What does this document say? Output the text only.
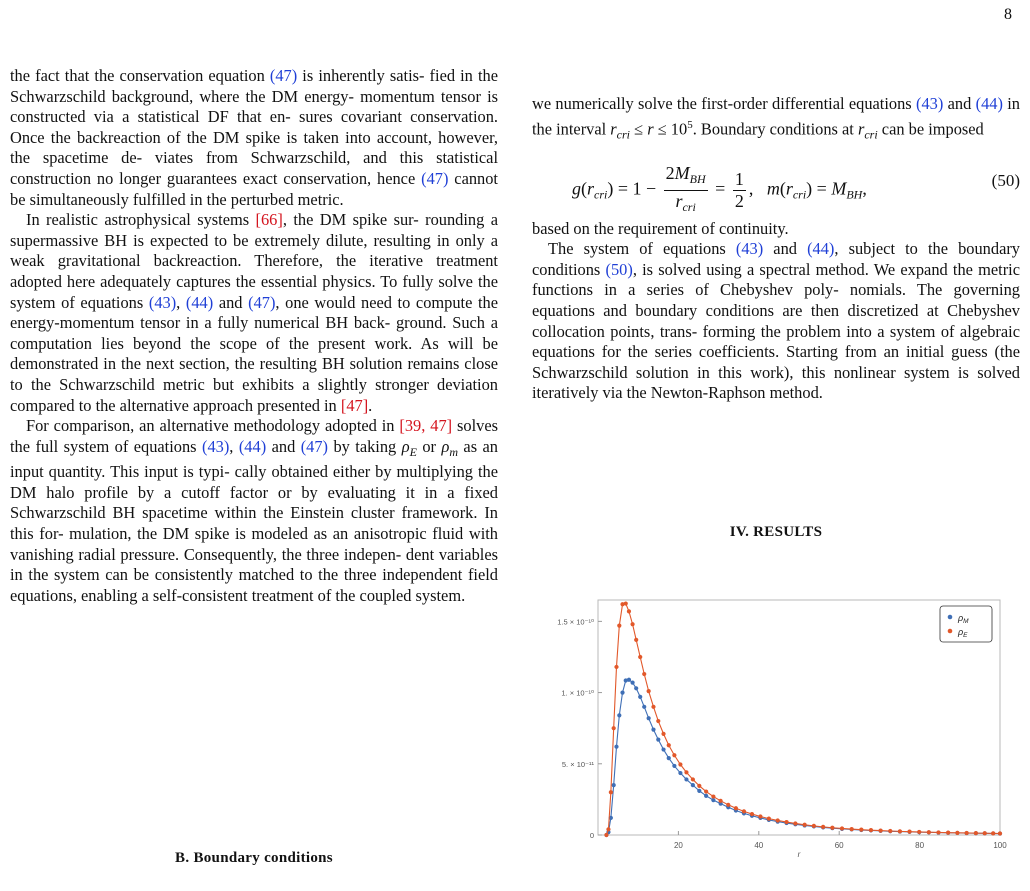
8

the fact that the conservation equation (47) is inherently satis- fied in the Schwarzschild background, where the DM energy- momentum tensor is constructed via a statistical DF that en- sures covariant conservation. Once the backreaction of the DM spike is taken into account, however, the spacetime de- viates from Schwarzschild, and this statistical construction no longer guarantees exact conservation, hence (47) cannot be simultaneously fulfilled in the perturbed metric.

In realistic astrophysical systems [66], the DM spike sur- rounding a supermassive BH is expected to be extremely dilute, resulting in only a weak gravitational backreaction. Therefore, the iterative treatment adopted here adequately captures the essential physics. To fully solve the system of equations (43), (44) and (47), one would need to compute the energy-momentum tensor in a fully numerical BH back- ground. Such a computation lies beyond the scope of the present work. As will be demonstrated in the next section, the resulting BH solution remains close to the Schwarzschild metric but exhibits a slightly stronger deviation compared to the alternative approach presented in [47].

For comparison, an alternative methodology adopted in [39, 47] solves the full system of equations (43), (44) and (47) by taking $\rho_E$ or $\rho_m$ as an input quantity. This input is typi- cally obtained either by multiplying the DM halo profile by a cutoff factor or by evaluating it in a fixed Schwarzschild BH spacetime within the Einstein cluster framework. In this for- mulation, the DM spike is modeled as an anisotropic fluid with vanishing radial pressure. Consequently, the three indepen- dent variables in the system can be consistently matched to the three independent field equations, enabling a self-consistent treatment of the coupled system.

B. Boundary conditions

we numerically solve the first-order differential equations (43) and (44) in the interval $r_{cri} \le r \le 10^5$. Boundary conditions at $r_{cri}$ can be imposed

$g(r_{cri}) = 1 - \frac{2M_{BH}}{r_{cri}} = \frac{1}{2}$ ,   $m(r_{cri}) = M_{BH}$,	(50)

based on the requirement of continuity.

The system of equations (43) and (44), subject to the boundary conditions (50), is solved using a spectral method. We expand the metric functions in a series of Chebyshev poly- nomials. The governing equations and boundary conditions are then discretized at Chebyshev collocation points, trans- forming the problem into a system of algebraic equations for the series coefficients. Starting from an initial guess (the Schwarzschild solution in this work), this nonlinear system is solved iteratively via the Newton-Raphson method.

IV. RESULTS
20	40	60	80	100
0
5. × 10⁻¹¹
1. × 10⁻¹⁰
1.5 × 10⁻¹⁰
r
$\rho_M$
$\rho_E$
